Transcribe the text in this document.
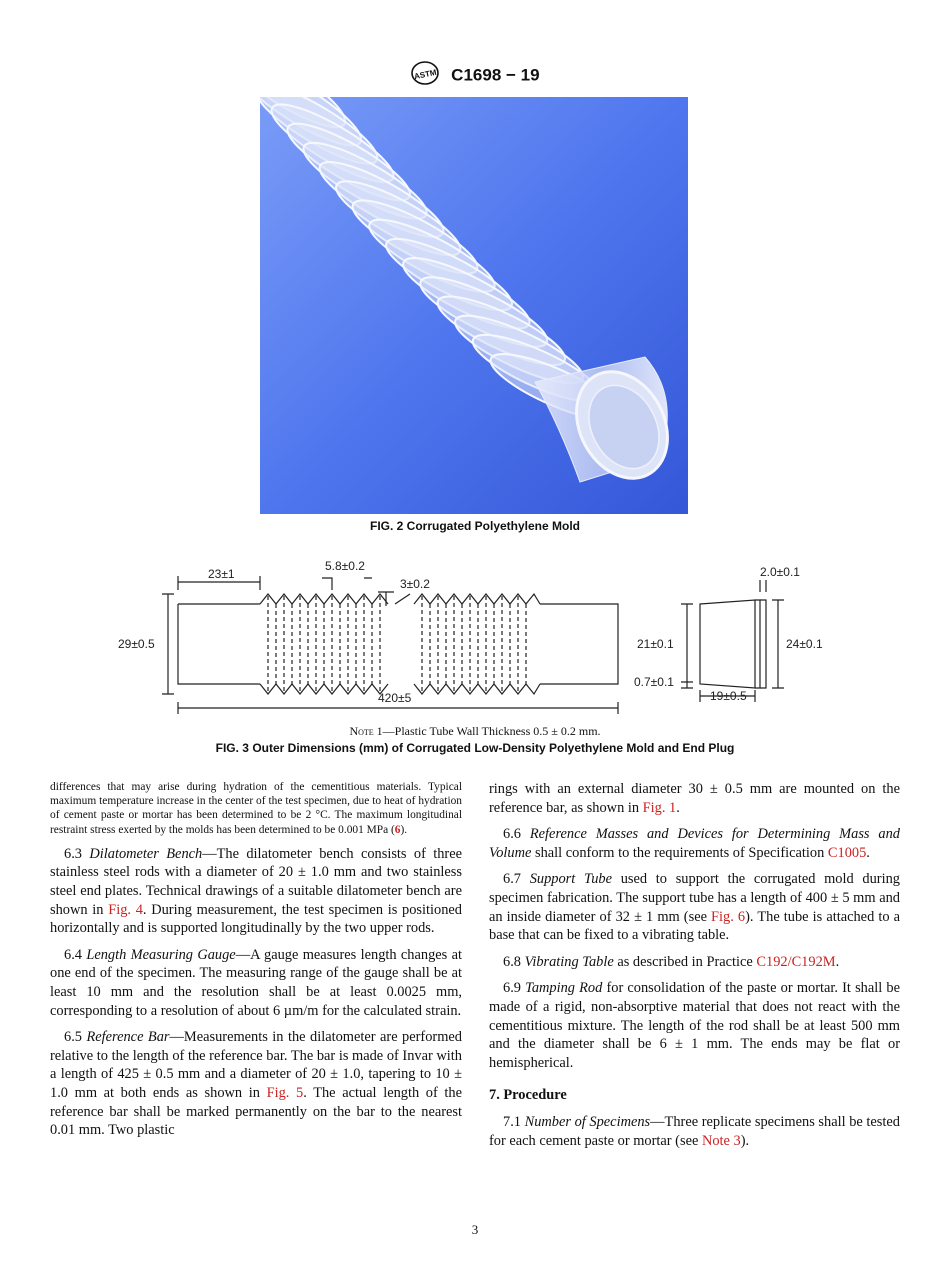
ASTM C1698 − 19
FIG. 2 Corrugated Polyethylene Mold
23±1
5.8±0.2
3±0.2
29±0.5
420±5
2.0±0.1
21±0.1	24±0.1
0.7±0.1
19±0.5
Note 1—Plastic Tube Wall Thickness 0.5 ± 0.2 mm.
FIG. 3 Outer Dimensions (mm) of Corrugated Low-Density Polyethylene Mold and End Plug

differences that may arise during hydration of the cementitious materials. Typical maximum temperature increase in the center of the test specimen, due to heat of hydration of cement paste or mortar has been determined to be 2 °C. The maximum longitudinal restraint stress exerted by the molds has been determined to be 0.001 MPa (6).

6.3 Dilatometer Bench—The dilatometer bench consists of three stainless steel rods with a diameter of 20 ± 1.0 mm and two stainless steel end plates. Technical drawings of a suitable dilatometer bench are shown in Fig. 4. During measurement, the test specimen is positioned horizontally and is supported longitudinally by the two upper rods.

6.4 Length Measuring Gauge—A gauge measures length changes at one end of the specimen. The measuring range of the gauge shall be at least 10 mm and the resolution shall be at least 0.0025 mm, corresponding to a resolution of about 6 µm/m for the calculated strain.

6.5 Reference Bar—Measurements in the dilatometer are performed relative to the length of the reference bar. The bar is made of Invar with a length of 425 ± 0.5 mm and a diameter of 20 ± 1.0, tapering to 10 ± 1.0 mm at both ends as shown in Fig. 5. The actual length of the reference bar shall be marked permanently on the bar to the nearest 0.01 mm. Two plastic

rings with an external diameter 30 ± 0.5 mm are mounted on the reference bar, as shown in Fig. 1.

6.6 Reference Masses and Devices for Determining Mass and Volume shall conform to the requirements of Specification C1005.

6.7 Support Tube used to support the corrugated mold during specimen fabrication. The support tube has a length of 400 ± 5 mm and an inside diameter of 32 ± 1 mm (see Fig. 6). The tube is attached to a base that can be fixed to a vibrating table.

6.8 Vibrating Table as described in Practice C192/C192M.

6.9 Tamping Rod for consolidation of the paste or mortar. It shall be made of a rigid, non-absorptive material that does not react with the cementitious mixture. The length of the rod shall be at least 500 mm and the diameter shall be 6 ± 1 mm. The ends may be flat or hemispherical.

7. Procedure

7.1 Number of Specimens—Three replicate specimens shall be tested for each cement paste or mortar (see Note 3).

3
